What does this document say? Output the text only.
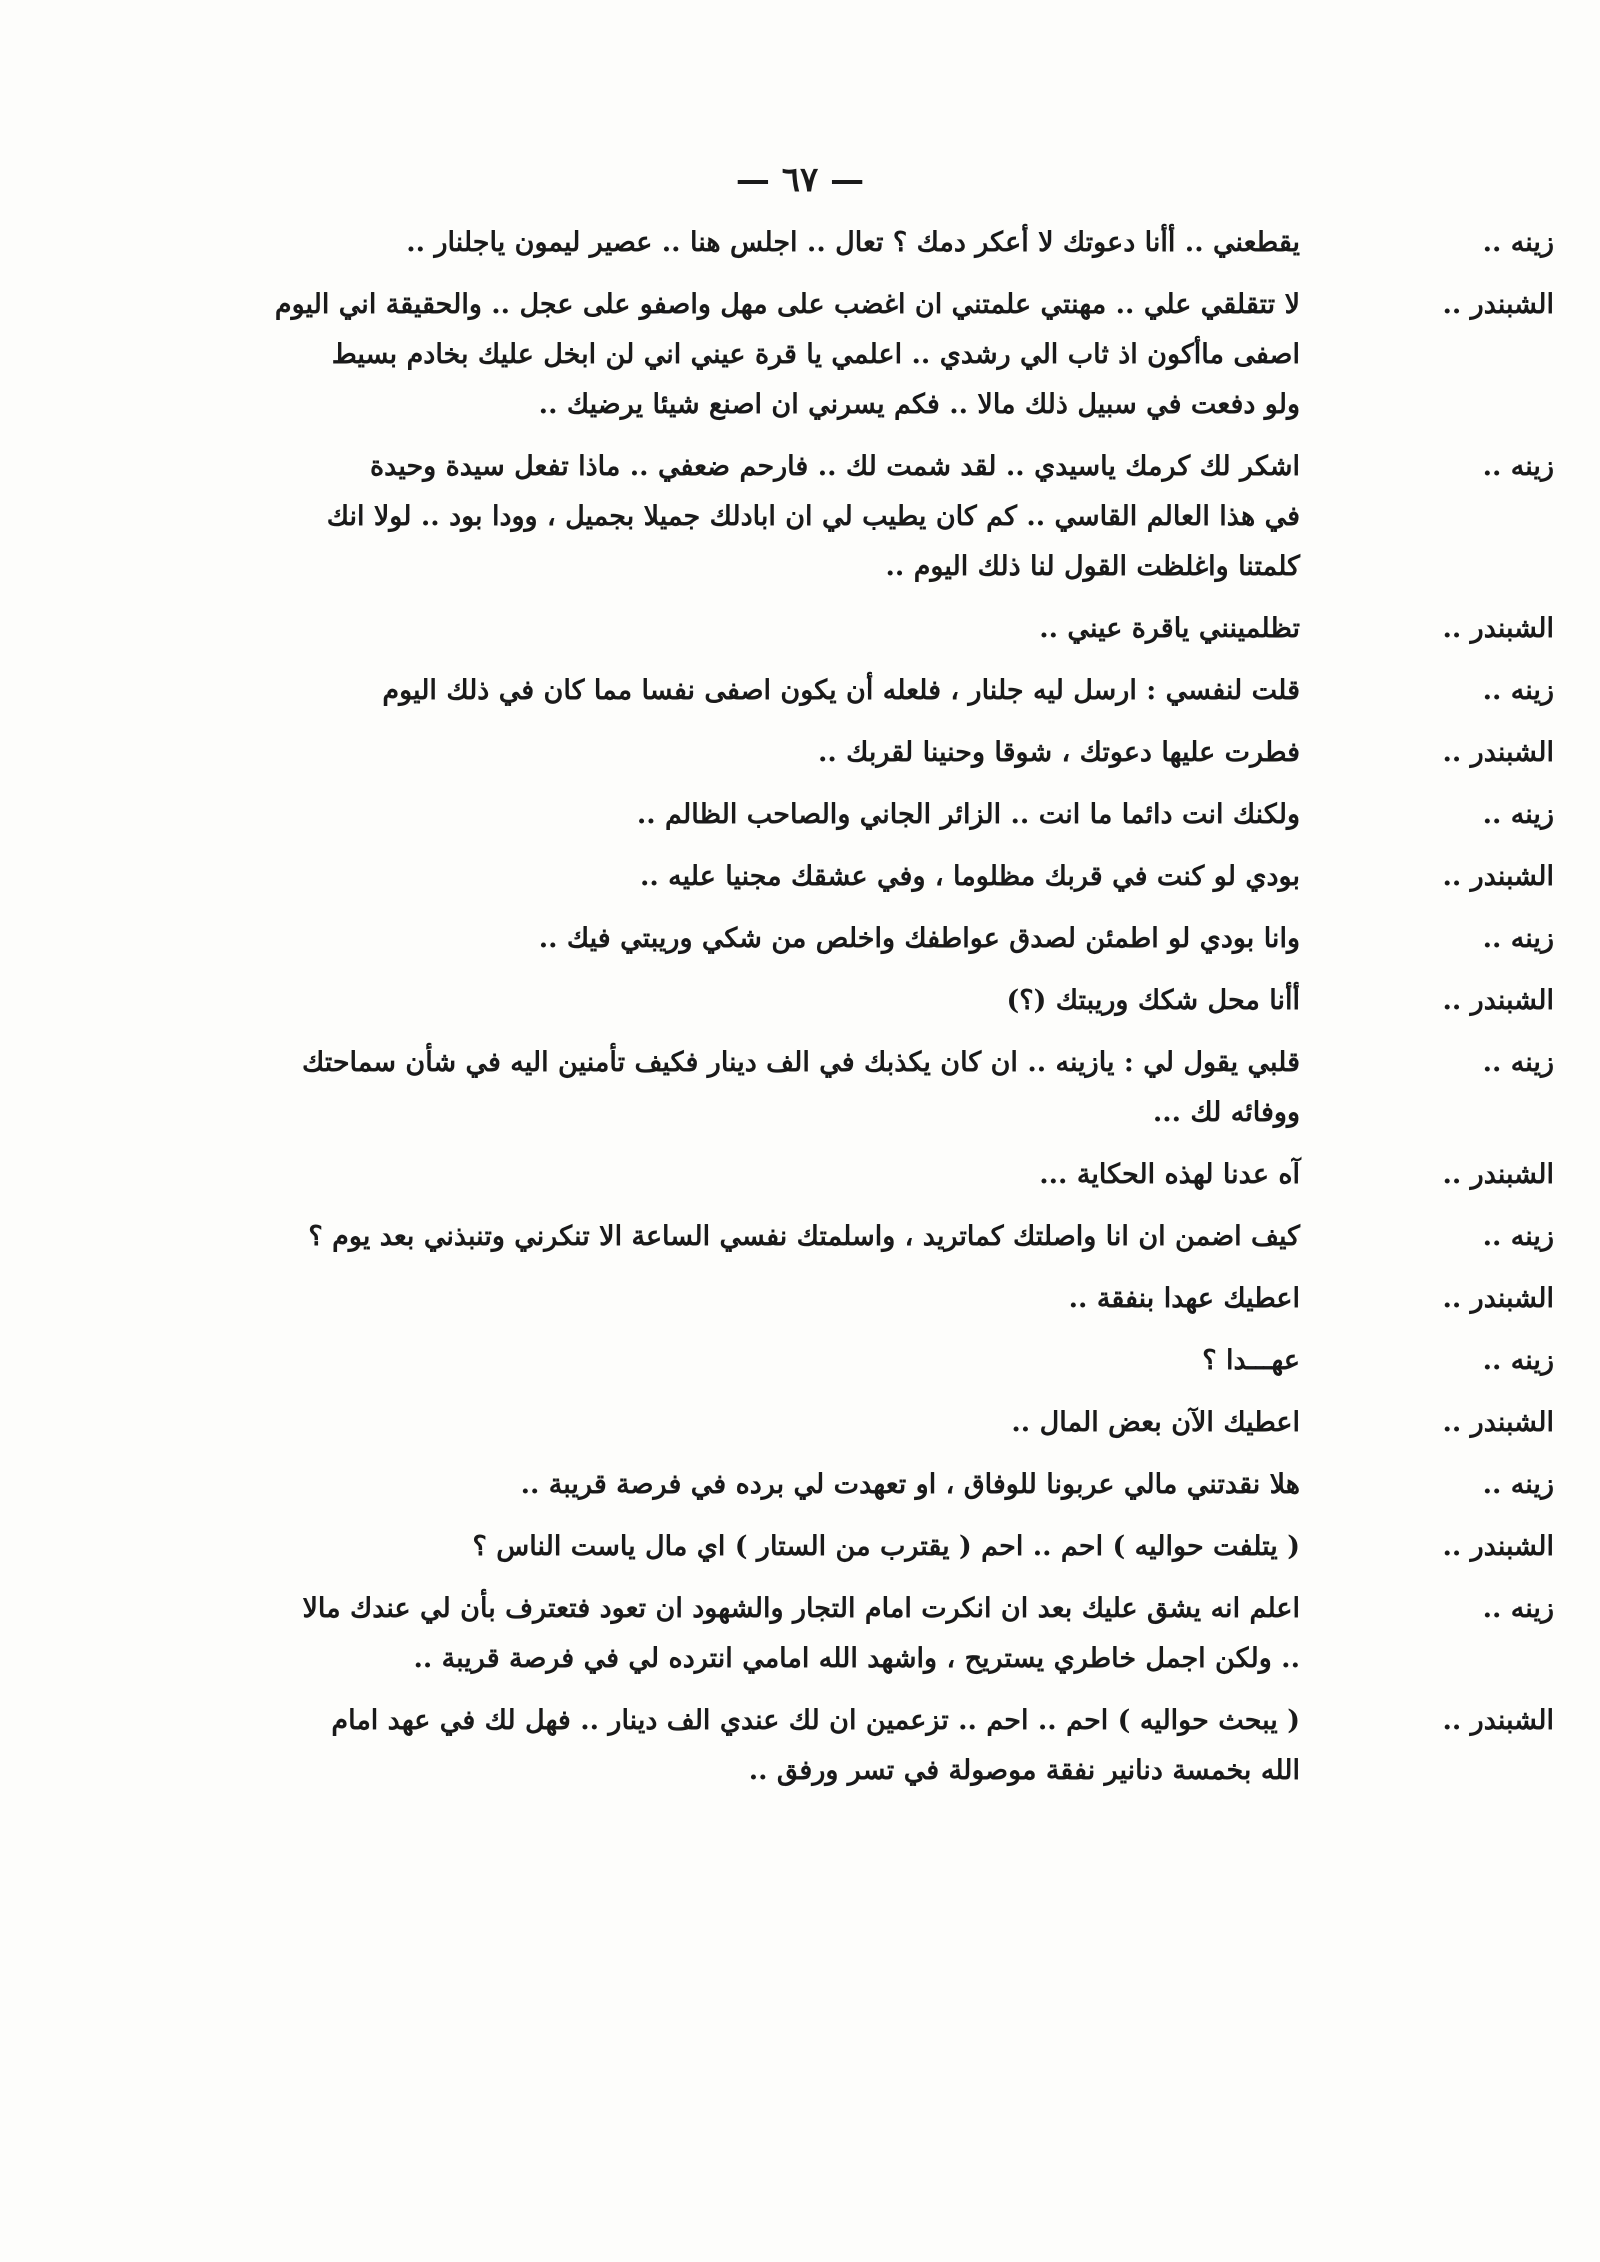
— ٦٧ —
زينه ..
يقطعني .. أأنا دعوتك لا أعكر دمك ؟ تعال .. اجلس هنا .. عصير ليمون ياجلنار ..
الشبندر ..
لا تتقلقي علي .. مهنتي علمتني ان اغضب على مهل واصفو على عجل .. والحقيقة اني اليوم
اصفى ماأكون اذ ثاب الي رشدي .. اعلمي يا قرة عيني اني لن ابخل عليك بخادم بسيط
ولو دفعت في سبيل ذلك مالا .. فكم يسرني ان اصنع شيئا يرضيك ..
زينه ..
اشكر لك كرمك ياسيدي .. لقد شمت لك .. فارحم ضعفي .. ماذا تفعل سيدة وحيدة
في هذا العالم القاسي .. كم كان يطيب لي ان ابادلك جميلا بجميل ، وودا بود .. لولا انك
كلمتنا واغلظت القول لنا ذلك اليوم ..
الشبندر ..
تظلمينني ياقرة عيني ..
زينه ..
قلت لنفسي : ارسل ليه جلنار ، فلعله أن يكون اصفى نفسا مما كان في ذلك اليوم
الشبندر ..
فطرت عليها دعوتك ، شوقا وحنينا لقربك ..
زينه ..
ولكنك انت دائما ما انت .. الزائر الجاني والصاحب الظالم ..
الشبندر ..
بودي لو كنت في قربك مظلوما ، وفي عشقك مجنيا عليه ..
زينه ..
وانا بودي لو اطمئن لصدق عواطفك واخلص من شكي وريبتي فيك ..
الشبندر ..
أأنا محل شكك وريبتك (؟)
زينه ..
قلبي يقول لي : يازينه .. ان كان يكذبك في الف دينار فكيف تأمنين اليه في شأن سماحتك
ووفائه لك ...
الشبندر ..
آه عدنا لهذه الحكاية ...
زينه ..
كيف اضمن ان انا واصلتك كماتريد ، واسلمتك نفسي الساعة الا تنكرني وتنبذني بعد يوم ؟
الشبندر ..
اعطيك عهدا بنفقة ..
زينه ..
عهـــدا ؟
الشبندر ..
اعطيك الآن بعض المال ..
زينه ..
هلا نقدتني مالي عربونا للوفاق ، او تعهدت لي برده في فرصة قريبة ..
الشبندر ..
( يتلفت حواليه ) احم .. احم ( يقترب من الستار ) اي مال ياست الناس ؟
زينه ..
اعلم انه يشق عليك بعد ان انكرت امام التجار والشهود ان تعود فتعترف بأن لي عندك مالا
.. ولكن اجمل خاطري يستريح ، واشهد الله امامي انترده لي في فرصة قريبة ..
الشبندر ..
( يبحث حواليه ) احم .. احم .. تزعمين ان لك عندي الف دينار .. فهل لك في عهد امام
الله بخمسة دنانير نفقة موصولة في تسر ورفق ..
